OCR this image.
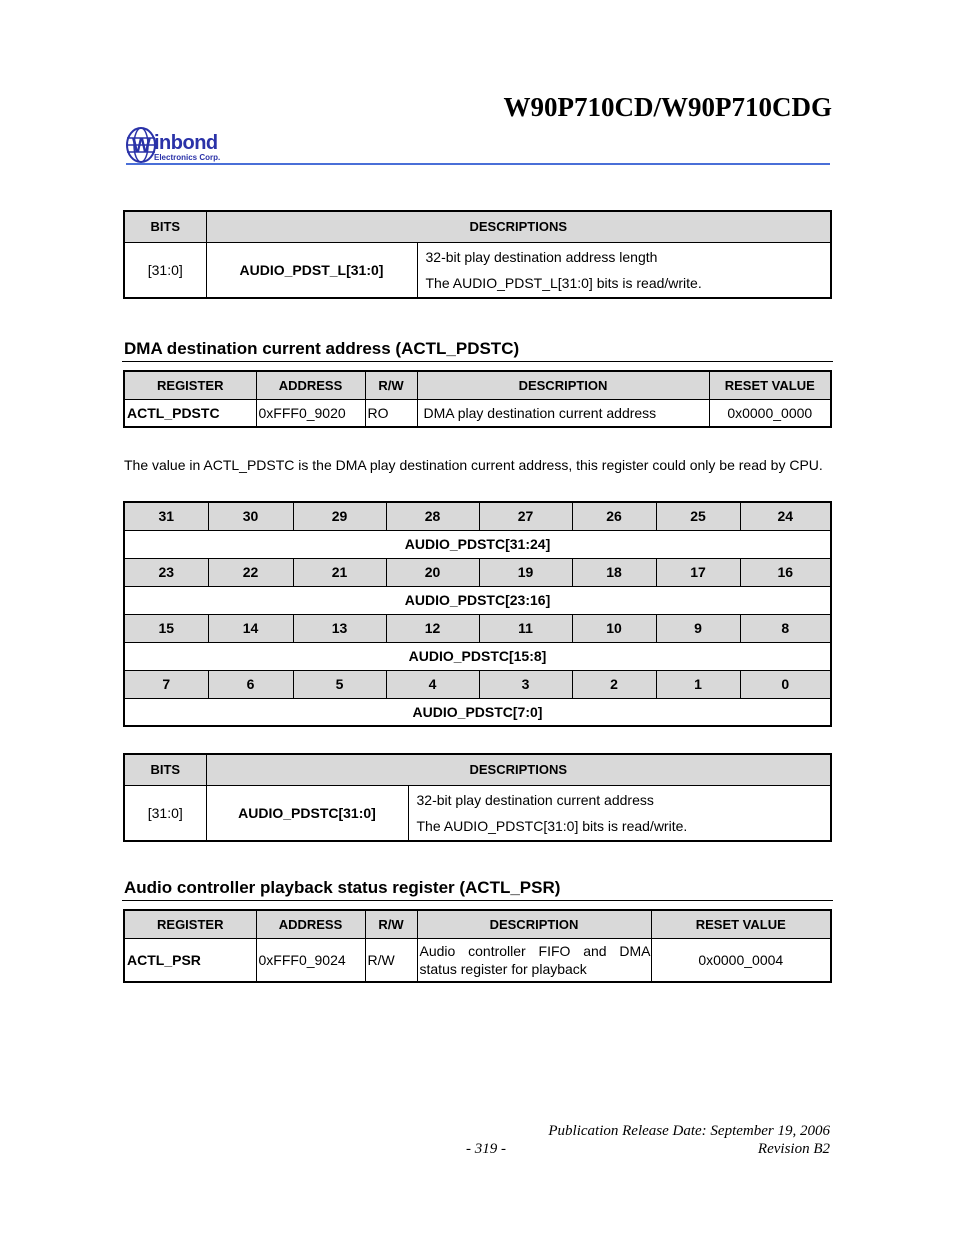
W90P710CD/W90P710CDG
W inbond
Electronics Corp.
BITS	DESCRIPTIONS	
[31:0]	AUDIO_PDST_L[31:0]	32-bit play destination address length
The AUDIO_PDST_L[31:0] bits is read/write.
DMA destination current address (ACTL_PDSTC)
REGISTER	ADDRESS	R/W	DESCRIPTION	RESET VALUE
ACTL_PDSTC	0xFFF0_9020	RO	DMA play destination current address	0x0000_0000

The value in ACTL_PDSTC is the DMA play destination current address, this register could only be read by CPU.

31	30	29	28	27	26	25	24
AUDIO_PDSTC[31:24]							
23	22	21	20	19	18	17	16
AUDIO_PDSTC[23:16]							
15	14	13	12	11	10	9	8
AUDIO_PDSTC[15:8]							
7	6	5	4	3	2	1	0
AUDIO_PDSTC[7:0]							
BITS	DESCRIPTIONS	
[31:0]	AUDIO_PDSTC[31:0]	32-bit play destination current address
The AUDIO_PDSTC[31:0] bits is read/write.
Audio controller playback status register (ACTL_PSR)
REGISTER	ADDRESS	R/W	DESCRIPTION	RESET VALUE
ACTL_PSR	0xFFF0_9024	R/W	Audio controller FIFO and DMA status register for playback	0x0000_0004
Publication Release Date: September 19, 2006
- 319 -	Revision B2
